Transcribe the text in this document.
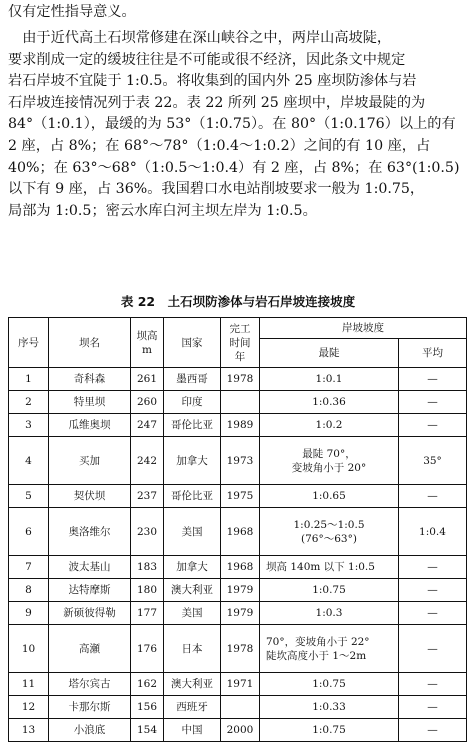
仅有定性指导意义。
　由于近代高土石坝常修建在深山峡谷之中，两岸山高坡陡，
要求削成一定的缓坡往往是不可能或很不经济，因此条文中规定
岩石岸坡不宜陡于 1:0.5。将收集到的国内外 25 座坝防渗体与岩
石岸坡连接情况列于表 22。表 22 所列 25 座坝中，岸坡最陡的为
84°（1:0.1），最缓的为 53°（1:0.75）。在 80°（1:0.176）以上的有
2 座，占 8%；在 68°～78°（1:0.4～1:0.2）之间的有 10 座，占
40%；在 63°～68°（1:0.5～1:0.4）有 2 座，占 8%；在 63°(1:0.5)
以下有 9 座，占 36%。我国碧口水电站削坡要求一般为 1:0.75，
局部为 1:0.5；密云水库白河主坝左岸为 1:0.5。
表 22　土石坝防渗体与岩石岸坡连接坡度
序号	坝名	坝高
m	国家	完工
时间
年	岸坡坡度	
					最陡	平均
1	奇科森	261	墨西哥	1978	1:0.1	—
2	特里坝	260	印度		1:0.36	—
3	瓜维奥坝	247	哥伦比亚	1989	1:0.2	—
4	买加	242	加拿大	1973	最陡 70°，
变坡角小于 20°	35°
5	契伏坝	237	哥伦比亚	1975	1:0.65	—
6	奥洛维尔	230	美国	1968	1:0.25～1:0.5
(76°～63°)	1:0.4
7	波太基山	183	加拿大	1968	坝高 140m 以下 1:0.5	—
8	达特摩斯	180	澳大利亚	1979	1:0.75	—
9	新硕彼得勒	177	美国	1979	1:0.3	—
10	高瀬	176	日本	1978	70°，变坡角小于 22°
陡坎高度小于 1～2m	—
11	塔尔宾古	162	澳大利亚	1971	1:0.75	—
12	卡那尔斯	156	西班牙		1:0.33	—
13	小浪底	154	中国	2000	1:0.75	—
